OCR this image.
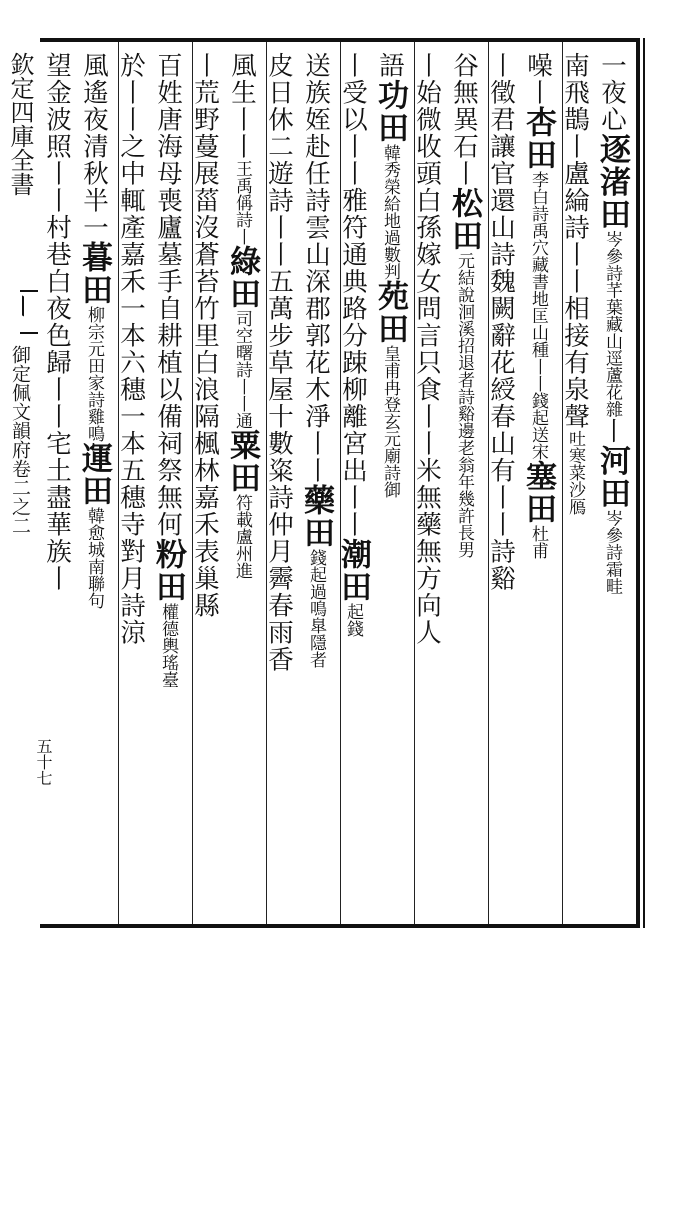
欽定四庫全書
御定佩文韻府卷二之二
五十七
一夜心逐渚田岑參詩芊葉藏山逕蘆花雜丨河田岑參詩霜畦
南飛鵲丨盧綸詩丨丨相接有泉聲吐寒菜沙鴈
噪丨杏田李白詩禹穴藏書地匡山種丨丨錢起送宋塞田杜甫
丨徵君讓官還山詩魏闕辭花綬春山有丨丨詩谿
谷無異石丨松田元結說洄溪招退者詩谿邊老翁年幾許長男
丨始微收頭白孫嫁女問言只食丨丨米無藥無方向人
語功田韓秀榮給地過數判苑田皇甫冉登玄元廟詩御
丨受以丨丨雅符通典路分踈柳離宮出丨丨潮田起錢
送族姪赴任詩雲山深郡郭花木淨丨丨藥田錢起過鳴臯隱者
皮日休二遊詩丨丨五萬步草屋十數粢詩仲月霽春雨香
風生丨丨王禹偁詩丨綠田司空曙詩丨丨通粟田符載盧州進
丨荒野蔓展菑沒蒼苔竹里白浪隔楓林嘉禾表巢縣
百姓唐海母喪廬墓手自耕植以備祠祭無何粉田權德輿瑤臺
於丨丨之中輒產嘉禾一本六穗一本五穗寺對月詩涼
風遙夜清秋半一暮田柳宗元田家詩雞鳴運田韓愈城南聯句
望金波照丨丨村巷白夜色歸丨丨宅土盡華族丨
